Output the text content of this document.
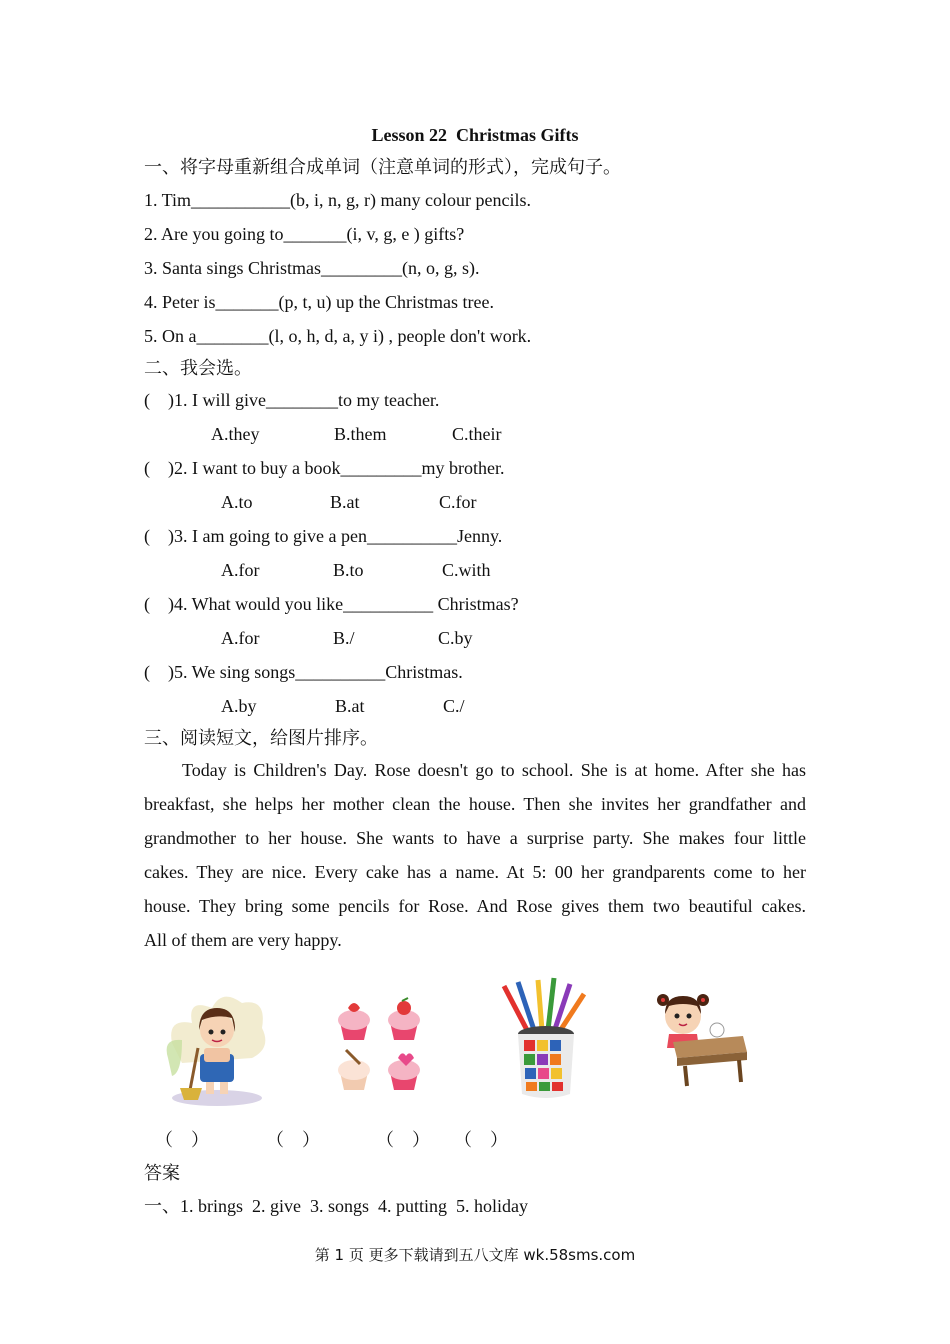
Lesson 22  Christmas Gifts
一、将字母重新组合成单词（注意单词的形式），完成句子。
1. Tim___________(b, i, n, g, r) many colour pencils.
2. Are you going to_______(i, v, g, e ) gifts?
3. Santa sings Christmas_________(n, o, g, s).
4. Peter is_______(p, t, u) up the Christmas tree.
5. On a________(l, o, h, d, a, y i) , people don't work.
二、我会选。
(    )1. I will give________to my teacher.
A.they	B.them	C.their
(    )2. I want to buy a book_________my brother.
A.to	B.at	C.for
(    )3. I am going to give a pen__________Jenny.
A.for	B.to	C.with
(    )4. What would you like__________ Christmas?
A.for	B./	C.by
(    )5. We sing songs__________Christmas.
A.by	B.at	C./
三、阅读短文，给图片排序。
Today is Children's Day. Rose doesn't go to school. She is at home. After she has
breakfast, she helps her mother clean the house. Then she invites her grandfather and
grandmother to her house. She wants to have a surprise party. She makes four little
cakes. They are nice. Every cake has a name. At 5: 00 her grandparents come to her
house. They bring some pencils for Rose. And Rose gives them two beautiful cakes.
All of them are very happy.
（    ）	（    ）	（    ） （    ）
答案
一、1. brings  2. give  3. songs  4. putting  5. holiday
第 1 页 更多下载请到五八文库 wk.58sms.com
